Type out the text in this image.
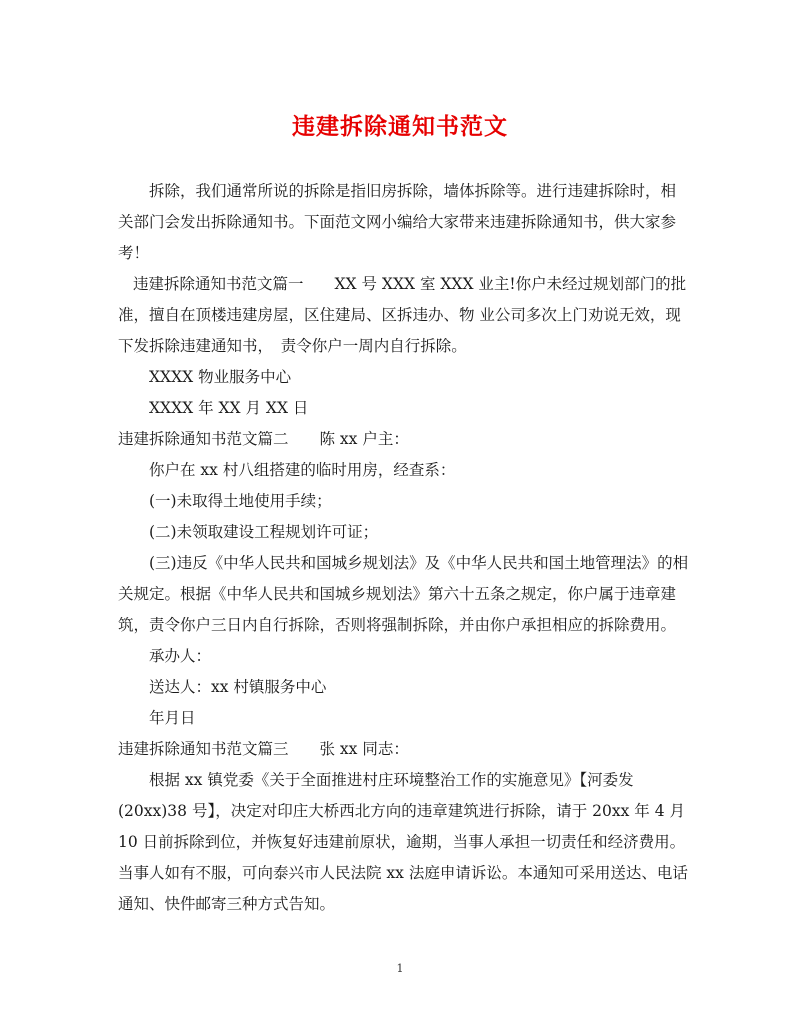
违建拆除通知书范文

拆除，我们通常所说的拆除是指旧房拆除，墙体拆除等。进行违建拆除时，相关部门会发出拆除通知书。下面范文网小编给大家带来违建拆除通知书，供大家参考！

违建拆除通知书范文篇一　　XX 号 XXX 室 XXX 业主!你户未经过规划部门的批准，擅自在顶楼违建房屋，区住建局、区拆违办、物 业公司多次上门劝说无效，现下发拆除违建通知书，　责令你户一周内自行拆除。

XXXX 物业服务中心

XXXX 年 XX 月 XX 日

违建拆除通知书范文篇二　　陈 xx 户主：

你户在 xx 村八组搭建的临时用房，经查系：

(一)未取得土地使用手续；

(二)未领取建设工程规划许可证；

(三)违反《中华人民共和国城乡规划法》及《中华人民共和国土地管理法》的相关规定。根据《中华人民共和国城乡规划法》第六十五条之规定，你户属于违章建筑，责令你户三日内自行拆除，否则将强制拆除，并由你户承担相应的拆除费用。

承办人：

送达人：xx 村镇服务中心

年月日

违建拆除通知书范文篇三　　张 xx 同志：

根据 xx 镇党委《关于全面推进村庄环境整治工作的实施意见》【河委发(20xx)38 号】，决定对印庄大桥西北方向的违章建筑进行拆除，请于 20xx 年 4 月 10 日前拆除到位，并恢复好违建前原状，逾期，当事人承担一切责任和经济费用。当事人如有不服，可向泰兴市人民法院 xx 法庭申请诉讼。本通知可采用送达、电话通知、快件邮寄三种方式告知。

1
